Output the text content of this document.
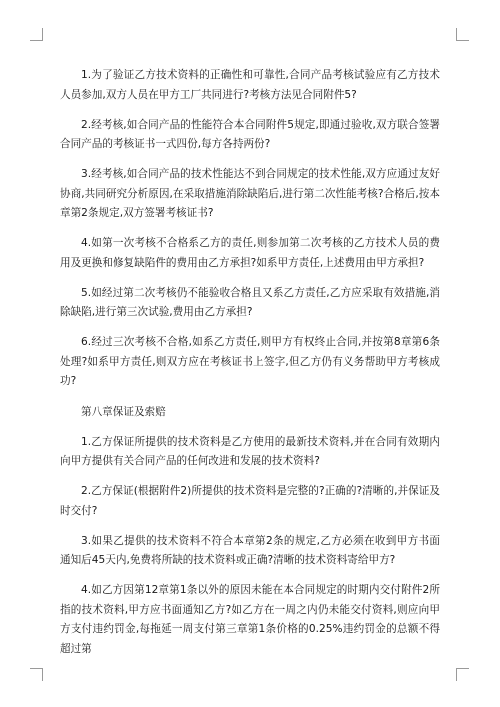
1.为了验证乙方技术资料的正确性和可靠性,合同产品考核试验应有乙方技术人员参加,双方人员在甲方工厂共同进行?考核方法见合同附件5?

2.经考核,如合同产品的性能符合本合同附件5规定,即通过验收,双方联合签署合同产品的考核证书一式四份,每方各持两份?

3.经考核,如合同产品的技术性能达不到合同规定的技术性能,双方应通过友好协商,共同研究分析原因,在采取措施消除缺陷后,进行第二次性能考核?合格后,按本章第2条规定,双方签署考核证书?

4.如第一次考核不合格系乙方的责任,则参加第二次考核的乙方技术人员的费用及更换和修复缺陷件的费用由乙方承担?如系甲方责任,上述费用由甲方承担?

5.如经过第二次考核仍不能验收合格且又系乙方责任,乙方应采取有效措施,消除缺陷,进行第三次试验,费用由乙方承担?

6.经过三次考核不合格,如系乙方责任,则甲方有权终止合同,并按第8章第6条处理?如系甲方责任,则双方应在考核证书上签字,但乙方仍有义务帮助甲方考核成功?

第八章保证及索赔

1.乙方保证所提供的技术资料是乙方使用的最新技术资料,并在合同有效期内向甲方提供有关合同产品的任何改进和发展的技术资料?

2.乙方保证(根据附件2)所提供的技术资料是完整的?正确的?清晰的,并保证及时交付?

3.如果乙提供的技术资料不符合本章第2条的规定,乙方必须在收到甲方书面通知后45天内,免费将所缺的技术资料或正确?清晰的技术资料寄给甲方?

4.如乙方因第12章第1条以外的原因未能在本合同规定的时期内交付附件2所指的技术资料,甲方应书面通知乙方?如乙方在一周之内仍未能交付资料,则应向甲方支付违约罚金,每拖延一周支付第三章第1条价格的0.25%违约罚金的总额不得超过第
